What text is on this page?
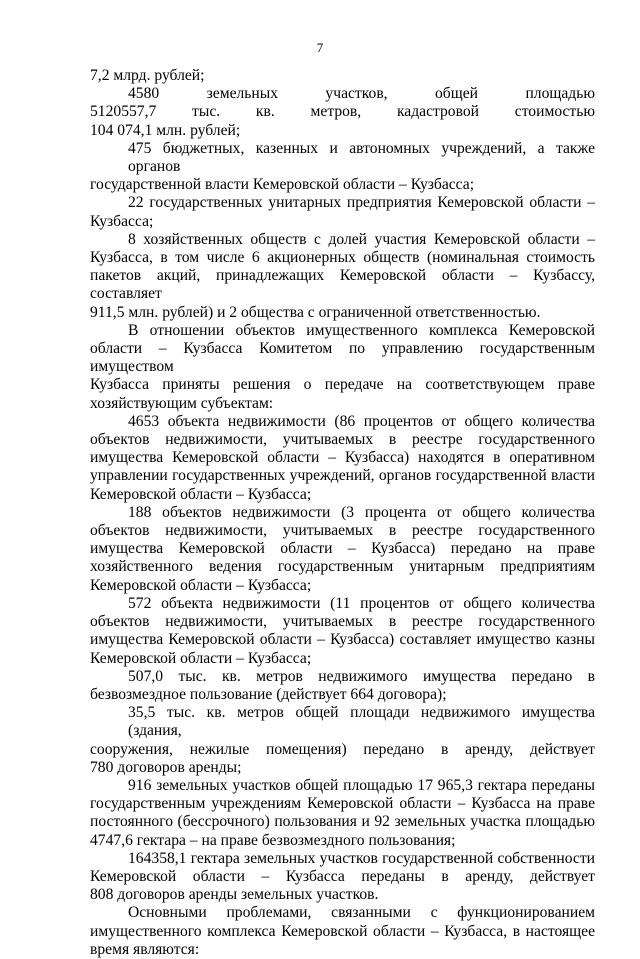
7
7,2 млрд. рублей;
4580 земельных участков, общей площадью
5120557,7 тыс. кв. метров, кадастровой стоимостью
104 074,1 млн. рублей;
475 бюджетных, казенных и автономных учреждений, а также органов
государственной власти Кемеровской области – Кузбасса;
22 государственных унитарных предприятия Кемеровской области –
Кузбасса;
8 хозяйственных обществ с долей участия Кемеровской области –
Кузбасса, в том числе 6 акционерных обществ (номинальная стоимость
пакетов акций, принадлежащих Кемеровской области – Кузбассу, составляет
911,5 млн. рублей) и 2 общества с ограниченной ответственностью.
В отношении объектов имущественного комплекса Кемеровской
области – Кузбасса Комитетом по управлению государственным имуществом
Кузбасса приняты решения о передаче на соответствующем праве
хозяйствующим субъектам:
4653 объекта недвижимости (86 процентов от общего количества
объектов недвижимости, учитываемых в реестре государственного
имущества Кемеровской области – Кузбасса) находятся в оперативном
управлении государственных учреждений, органов государственной власти
Кемеровской области – Кузбасса;
188 объектов недвижимости (3 процента от общего количества
объектов недвижимости, учитываемых в реестре государственного
имущества Кемеровской области – Кузбасса) передано на праве
хозяйственного ведения государственным унитарным предприятиям
Кемеровской области – Кузбасса;
572 объекта недвижимости (11 процентов от общего количества
объектов недвижимости, учитываемых в реестре государственного
имущества Кемеровской области – Кузбасса) составляет имущество казны
Кемеровской области – Кузбасса;
507,0 тыс. кв. метров недвижимого имущества передано в
безвозмездное пользование (действует 664 договора);
35,5 тыс. кв. метров общей площади недвижимого имущества (здания,
сооружения, нежилые помещения) передано в аренду, действует
780 договоров аренды;
916 земельных участков общей площадью 17 965,3 гектара переданы
государственным учреждениям Кемеровской области – Кузбасса на праве
постоянного (бессрочного) пользования и 92 земельных участка площадью
4747,6 гектара – на праве безвозмездного пользования;
164358,1 гектара земельных участков государственной собственности
Кемеровской области – Кузбасса переданы в аренду, действует
808 договоров аренды земельных участков.
Основными проблемами, связанными с функционированием
имущественного комплекса Кемеровской области – Кузбасса, в настоящее
время являются:
